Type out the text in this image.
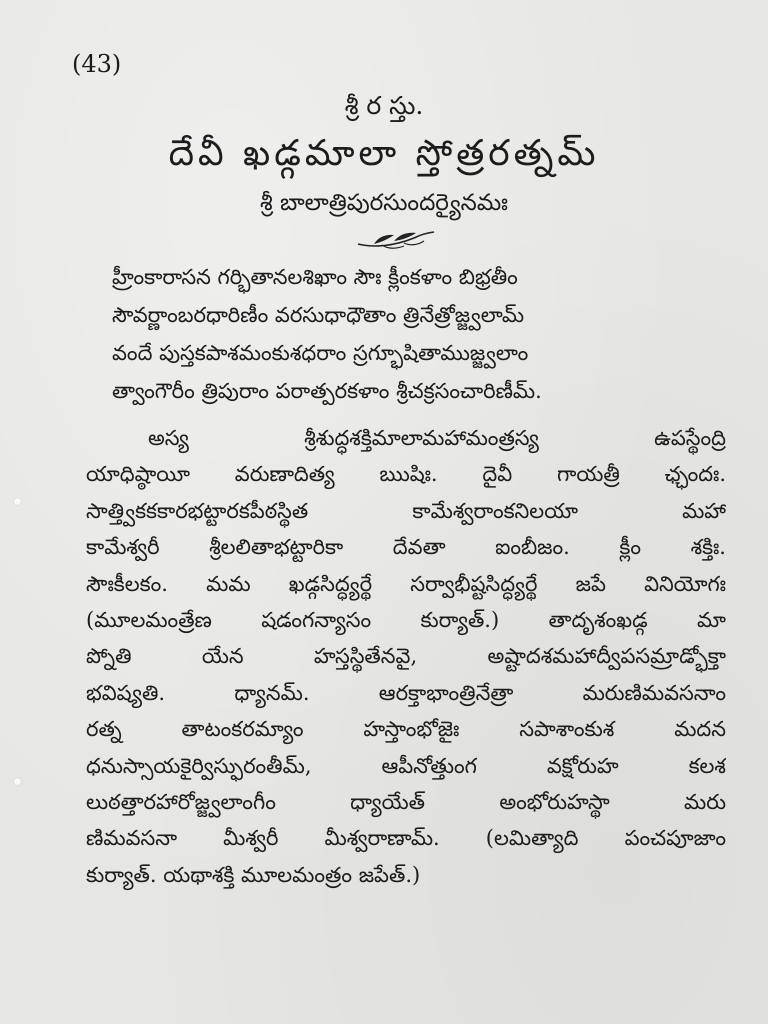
(43)
శ్రీ ర స్తు.
దేవీ ఖడ్గమాలా స్తోత్రరత్నమ్
శ్రీ బాలాత్రిపురసుందర్యైనమః
హ్రీంకారాసన గర్భితానలశిఖాం సౌః క్లీంకళాం బిభ్రతీం
సౌవర్ణాంబరధారిణీం వరసుధాధౌతాం త్రినేత్రోజ్జ్వలామ్
వందే పుస్తకపాశమంకుశధరాం స్రగ్భూషితాముజ్జ్వలాం
త్వాంగౌరీం త్రిపురాం పరాత్పరకళాం శ్రీచక్రసంచారిణీమ్.
అస్య శ్రీశుద్ధశక్తిమాలామహామంత్రస్య ఉపస్థేంద్రి
యాధిష్ఠాయీ వరుణాదిత్య ఋషిః. దైవీ గాయత్రీ ఛ్ఛందః.
సాత్త్వికకకారభట్టారకపీఠస్థిత కామేశ్వరాంకనిలయా మహా
కామేశ్వరీ శ్రీలలితాభట్టారికా దేవతా ఐంబీజం. క్లీం శక్తిః.
సౌఃకీలకం. మమ ఖడ్గసిద్ధ్యర్థే సర్వాభీష్టసిద్ధ్యర్థే జపే వినియోగః
(మూలమంత్రేణ షడంగన్యాసం కుర్యాత్.) తాదృశంఖడ్గ మా
ప్నోతి యేన హస్తస్థితేనవై, అష్టాదశమహాద్వీపసమ్రాడ్భోక్తా
భవిష్యతి. ధ్యానమ్. ఆరక్తాభాంత్రినేత్రా మరుణిమవసనాం
రత్న తాటంకరమ్యాం హస్తాంభోజైః సపాశాంకుశ మదన
ధనుస్సాయకైర్విస్ఫురంతీమ్, ఆపీనోత్తుంగ వక్షోరుహ కలశ
లుఠత్తారహారోజ్జ్వలాంగీం ధ్యాయేత్ అంభోరుహస్థా మరు
ణిమవసనా మీశ్వరీ మీశ్వరాణామ్. (లమిత్యాది పంచపూజాం
కుర్యాత్. యథాశక్తి మూలమంత్రం జపేత్.)
